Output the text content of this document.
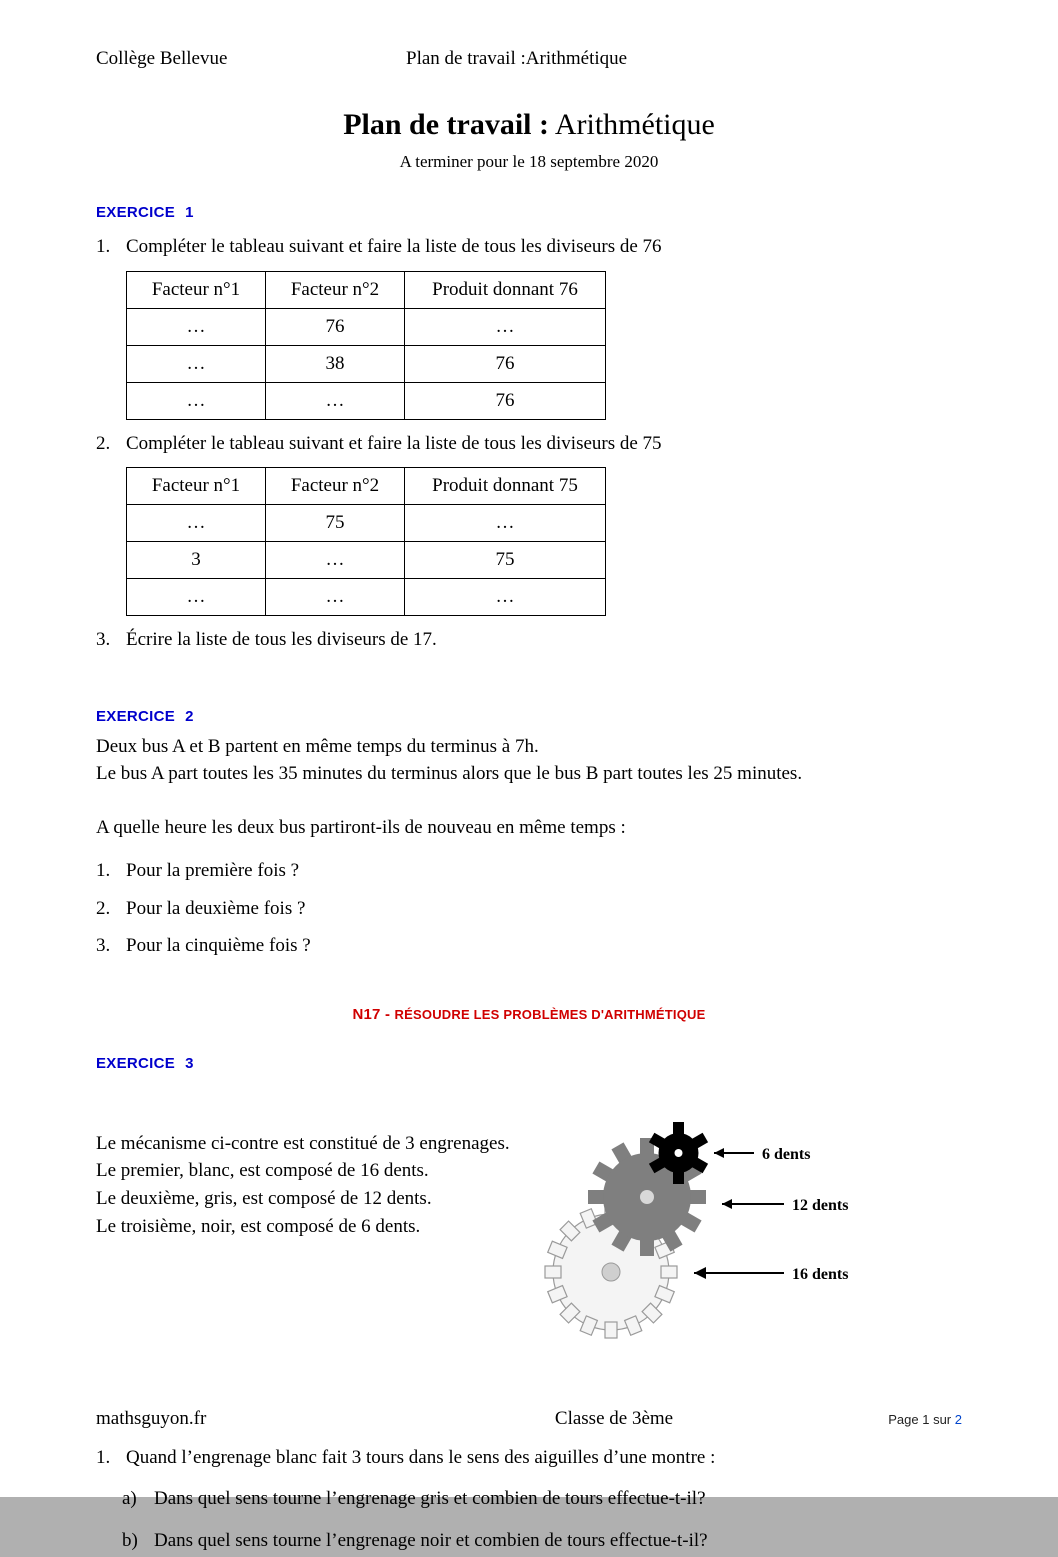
Collège Bellevue	Plan de travail :Arithmétique
Plan de travail : Arithmétique
A terminer pour le 18 septembre 2020
EXERCICE 1
1. Compléter le tableau suivant et faire la liste de tous les diviseurs de 76
Facteur n°1	Facteur n°2	Produit donnant 76
…	76	…
…	38	76
…	…	76
2. Compléter le tableau suivant et faire la liste de tous les diviseurs de 75
Facteur n°1	Facteur n°2	Produit donnant 75
…	75	…
3	…	75
…	…	…
3. Écrire la liste de tous les diviseurs de 17.
EXERCICE 2

Deux bus A et B partent en même temps du terminus à 7h.

Le bus A part toutes les 35 minutes du terminus alors que le bus B part toutes les 25 minutes.

A quelle heure les deux bus partiront-ils de nouveau en même temps :

1. Pour la première fois ?
2. Pour la deuxième fois ?
3. Pour la cinquième fois ?
N17 - RÉSOUDRE LES PROBLÈMES D'ARITHMÉTIQUE
EXERCICE 3

Le mécanisme ci-contre est constitué de 3 engrenages.

Le premier, blanc, est composé de 16 dents.

Le deuxième, gris, est composé de 12 dents.

Le troisième, noir, est composé de 6 dents.

6 dents
12 dents
16 dents
1. Quand l’engrenage blanc fait 3 tours dans le sens des aiguilles d’une montre :
a) Dans quel sens tourne l’engrenage gris et combien de tours effectue-t-il?
b) Dans quel sens tourne l’engrenage noir et combien de tours effectue-t-il?
mathsguyon.fr	Classe de 3ème	Page 1 sur 2
